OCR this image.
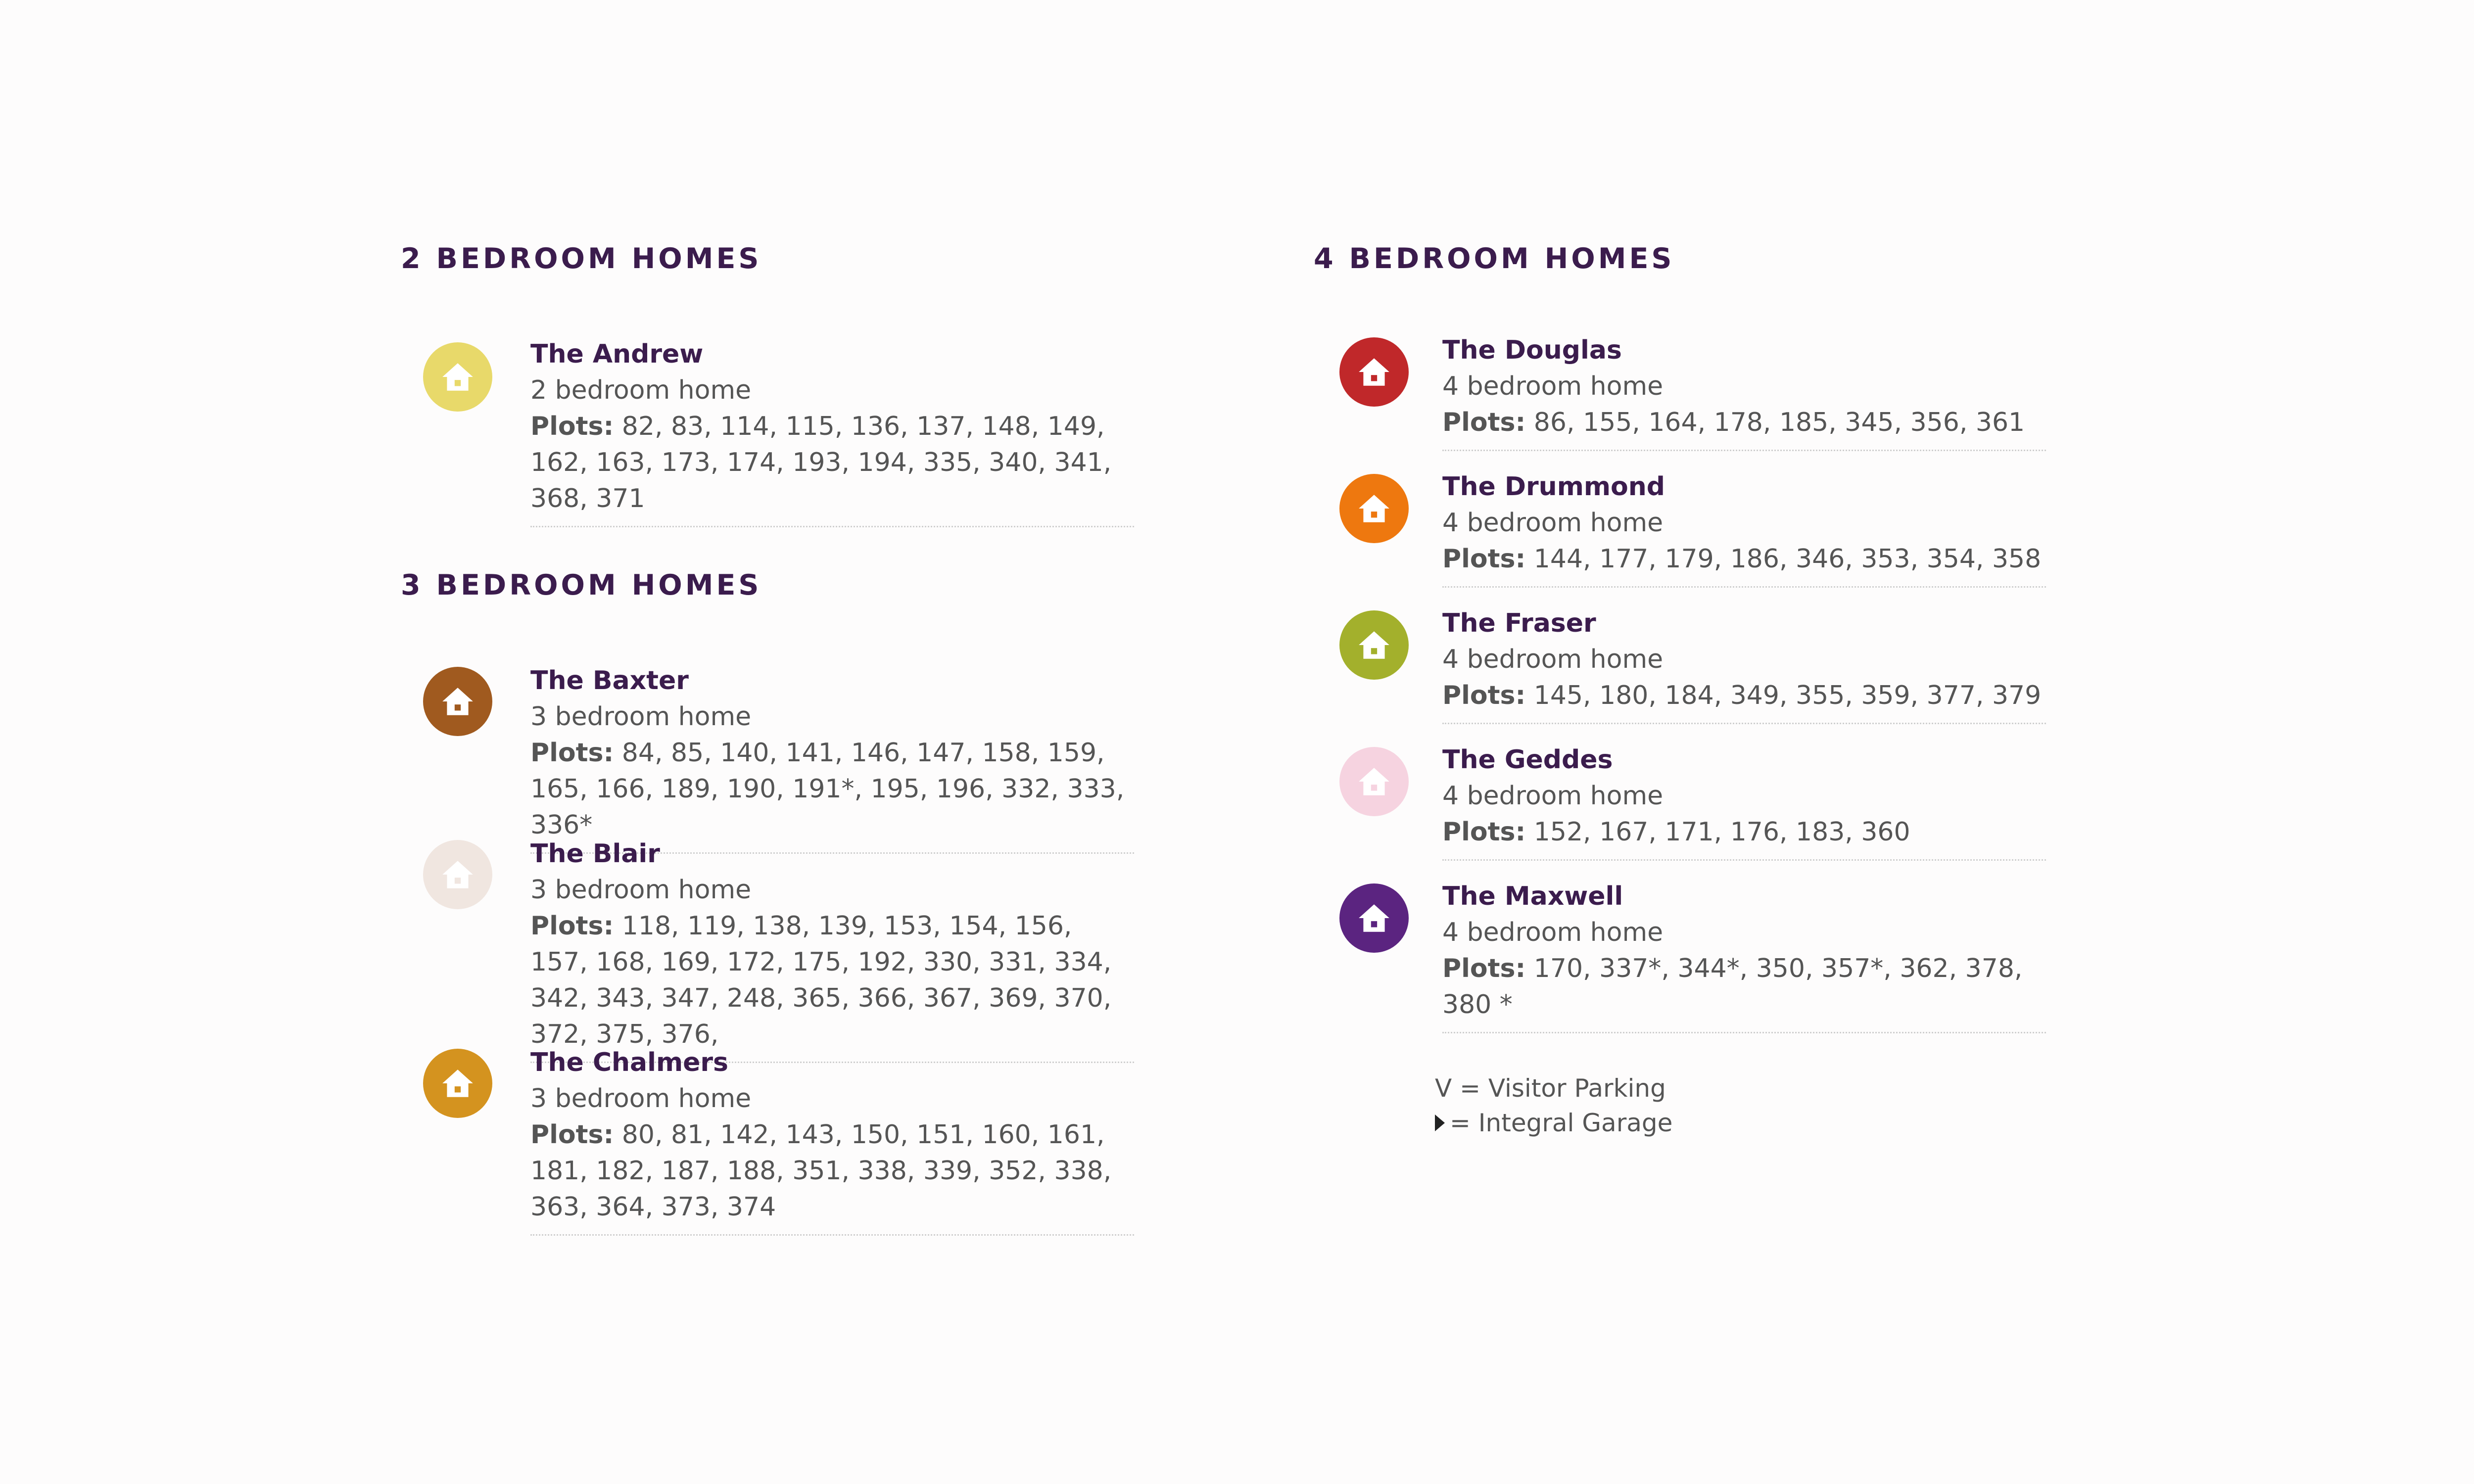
2 BEDROOM HOMES
The Andrew
2 bedroom home
Plots: 82, 83, 114, 115, 136, 137, 148, 149, 162, 163, 173, 174, 193, 194, 335, 340, 341, 368, 371
3 BEDROOM HOMES
The Baxter
3 bedroom home
Plots: 84, 85, 140, 141, 146, 147, 158, 159, 165, 166, 189, 190, 191*, 195, 196, 332, 333, 336*
The Blair
3 bedroom home
Plots: 118, 119, 138, 139, 153, 154, 156, 157, 168, 169, 172, 175, 192, 330, 331, 334, 342, 343, 347, 248, 365, 366, 367, 369, 370, 372, 375, 376,
The Chalmers
3 bedroom home
Plots: 80, 81, 142, 143, 150, 151, 160, 161, 181, 182, 187, 188, 351, 338, 339, 352, 338, 363, 364, 373, 374
4 BEDROOM HOMES
The Douglas
4 bedroom home
Plots: 86, 155, 164, 178, 185, 345, 356, 361
The Drummond
4 bedroom home
Plots: 144, 177, 179, 186, 346, 353, 354, 358
The Fraser
4 bedroom home
Plots: 145, 180, 184, 349, 355, 359, 377, 379
The Geddes
4 bedroom home
Plots: 152, 167, 171, 176, 183, 360
The Maxwell
4 bedroom home
Plots: 170, 337*, 344*, 350, 357*, 362, 378, 380 *
V = Visitor Parking
= Integral Garage
